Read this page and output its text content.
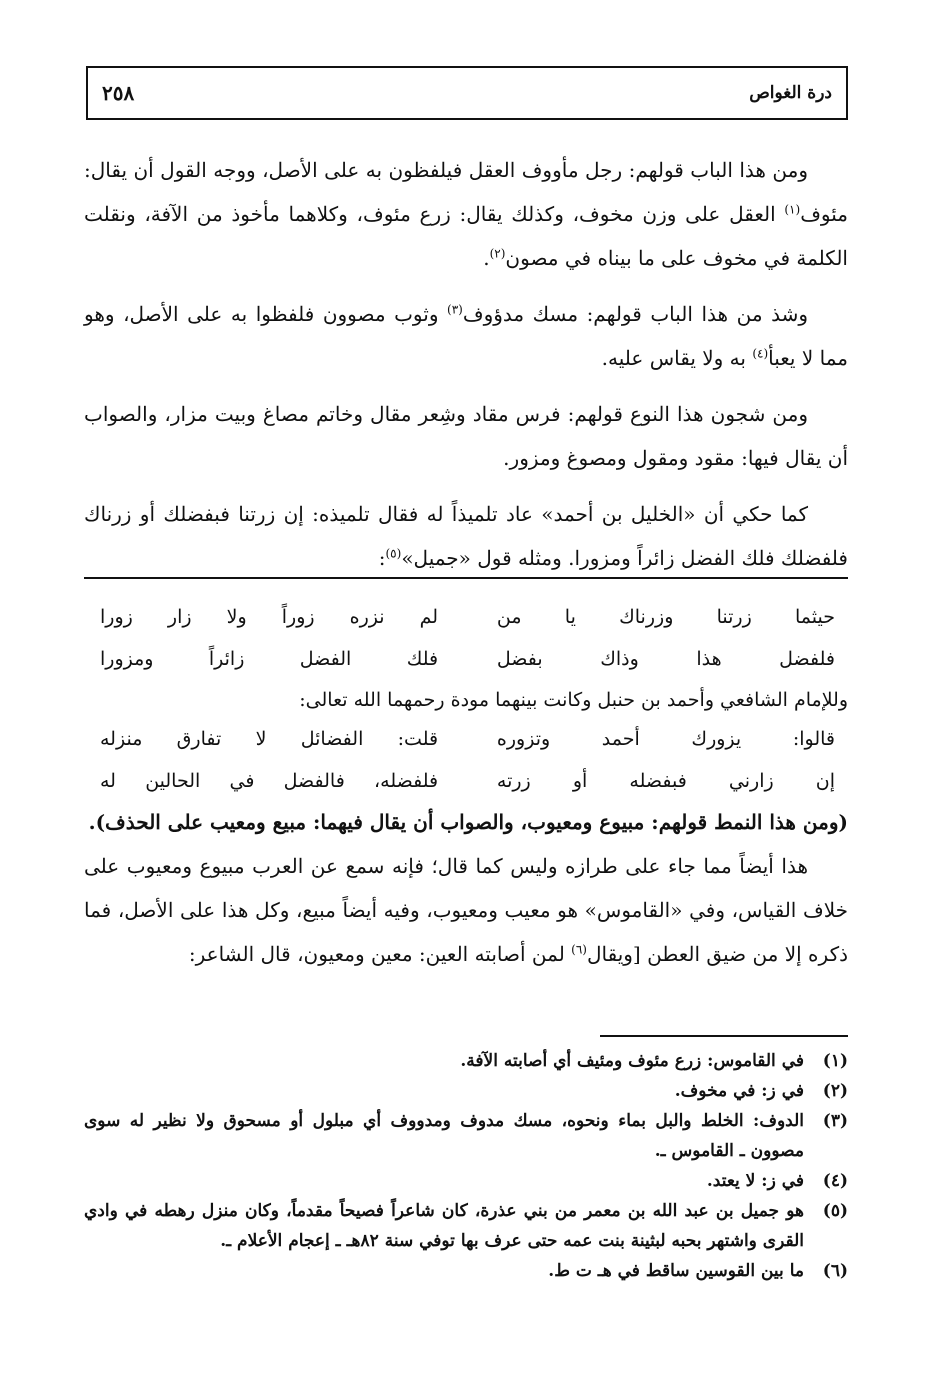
٢٥٨	درة الغواص

ومن هذا الباب قولهم: رجل مأووف العقل فيلفظون به على الأصل، ووجه القول أن يقال: مئوف$^{(١)}$ العقل على وزن مخوف، وكذلك يقال: زرع مئوف، وكلاهما مأخوذ من الآفة، ونقلت الكلمة في مخوف على ما بيناه في مصون$^{(٢)}$.

وشذ من هذا الباب قولهم: مسك مدؤوف$^{(٣)}$ وثوب مصوون فلفظوا به على الأصل، وهو مما لا يعبأ$^{(٤)}$ به ولا يقاس عليه.

ومن شجون هذا النوع قولهم: فرس مقاد وشِعر مقال وخاتم مصاغ وبيت مزار، والصواب أن يقال فيها: مقود ومقول ومصوغ ومزور.

كما حكي أن «الخليل بن أحمد» عاد تلميذاً له فقال تلميذه: إن زرتنا فبفضلك أو زرناك فلفضلك فلك الفضل زائراً ومزورا. ومثله قول «جميل»$^{(٥)}$:

حيثما زرتنا وزرناك يا من
لم نزره زوراً ولا زار زورا
فلفضل هذا وذاك بفضل
فلك الفضل زائراً ومزورا
وللإمام الشافعي وأحمد بن حنبل وكانت بينهما مودة رحمهما الله تعالى:
قالوا: يزورك أحمد وتزوره
قلت: الفضائل لا تفارق منزله
إن زارني فبفضله أو زرته
فلفضله، فالفضل في الحالين له

(ومن هذا النمط قولهم: مبيوع ومعيوب، والصواب أن يقال فيهما: مبيع ومعيب على الحذف).

هذا أيضاً مما جاء على طرازه وليس كما قال؛ فإنه سمع عن العرب مبيوع ومعيوب على خلاف القياس، وفي «القاموس» هو معيب ومعيوب، وفيه أيضاً مبيع، وكل هذا على الأصل، فما ذكره إلا من ضيق العطن [ويقال$^{(٦)}$ لمن أصابته العين: معين ومعيون، قال الشاعر:

(١)
في القاموس: زرع مئوف ومئيف أي أصابته الآفة.
(٢)
في ز: في مخوف.
(٣)
الدوف: الخلط والبل بماء ونحوه، مسك مدوف ومدووف أي مبلول أو مسحوق ولا نظير له سوى مصوون ـ القاموس ـ.
(٤)
في ز: لا يعتد.
(٥)
هو جميل بن عبد الله بن معمر من بني عذرة، كان شاعراً فصيحاً مقدماً، وكان منزل رهطه في وادي القرى واشتهر بحبه لبثينة بنت عمه حتى عرف بها توفي سنة ٨٢هـ ـ إعجام الأعلام ـ.
(٦)
ما بين القوسين ساقط في هـ ت ط.
